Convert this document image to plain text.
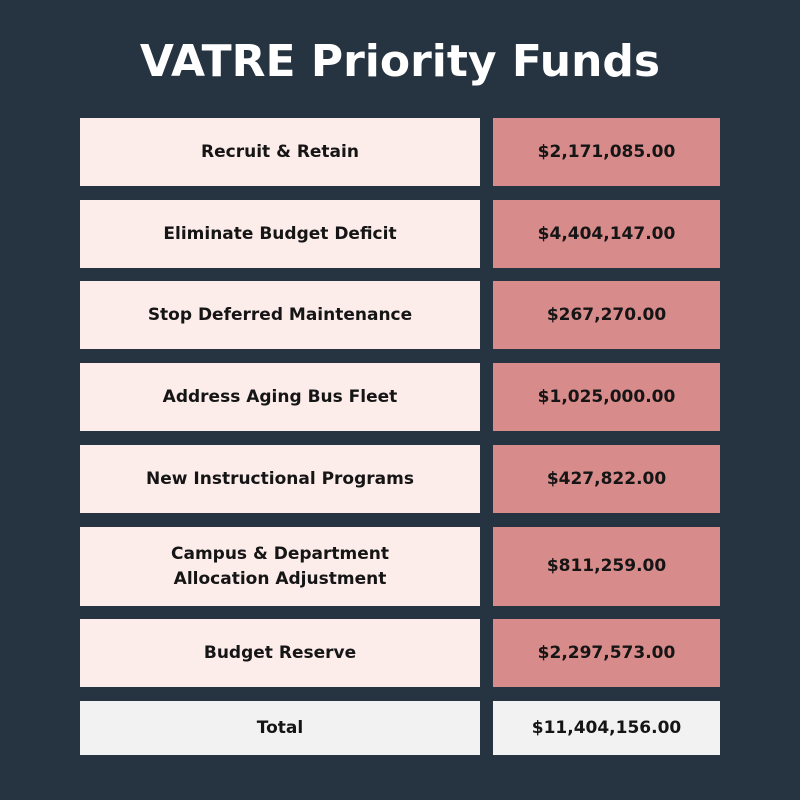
VATRE Priority Funds
Recruit & Retain	$2,171,085.00
Eliminate Budget Deficit	$4,404,147.00
Stop Deferred Maintenance	$267,270.00
Address Aging Bus Fleet	$1,025,000.00
New Instructional Programs	$427,822.00
Campus & Department
Allocation Adjustment
$811,259.00
Budget Reserve	$2,297,573.00
Total	$11,404,156.00
